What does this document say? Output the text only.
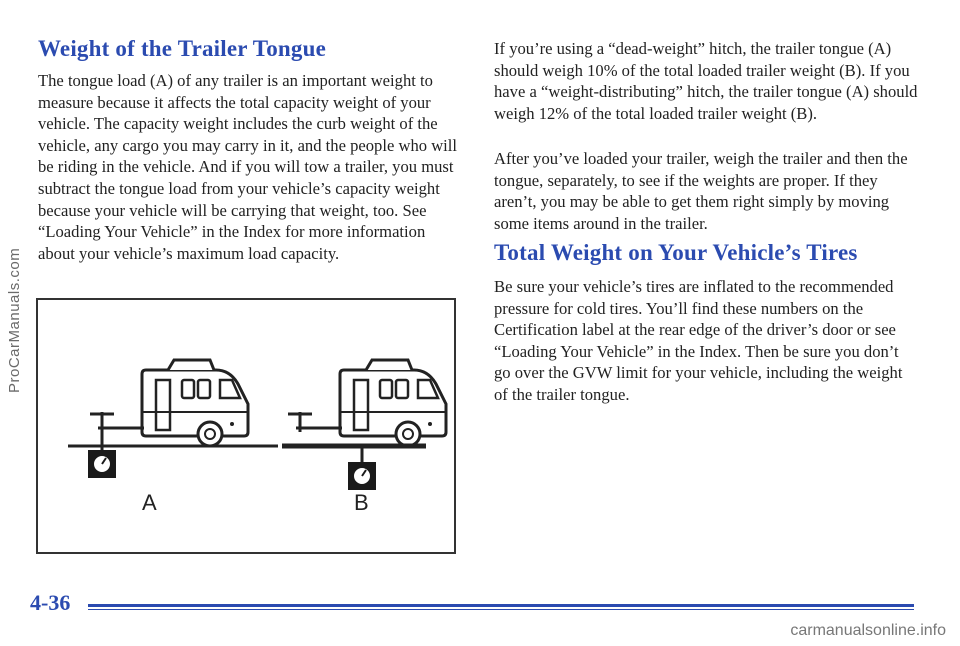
ProCarManuals.com
Weight of the Trailer Tongue

The tongue load (A) of any trailer is an important weight to measure because it affects the total capacity weight of your vehicle. The capacity weight includes the curb weight of the vehicle, any cargo you may carry in it, and the people who will be riding in the vehicle. And if you will tow a trailer, you must subtract the tongue load from your vehicle’s capacity weight because your vehicle will be carrying that weight, too. See “Loading Your Vehicle” in the Index for more information about your vehicle’s maximum load capacity.

A	B

If you’re using a “dead-weight” hitch, the trailer tongue (A) should weigh 10% of the total loaded trailer weight (B). If you have a “weight-distributing” hitch, the trailer tongue (A) should weigh 12% of the total loaded trailer weight (B).

After you’ve loaded your trailer, weigh the trailer and then the tongue, separately, to see if the weights are proper. If they aren’t, you may be able to get them right simply by moving some items around in the trailer.

Total Weight on Your Vehicle’s Tires

Be sure your vehicle’s tires are inflated to the recommended pressure for cold tires. You’ll find these numbers on the Certification label at the rear edge of the driver’s door or see “Loading Your Vehicle” in the Index. Then be sure you don’t go over the GVW limit for your vehicle, including the weight of the trailer tongue.

4-36
carmanualsonline.info
